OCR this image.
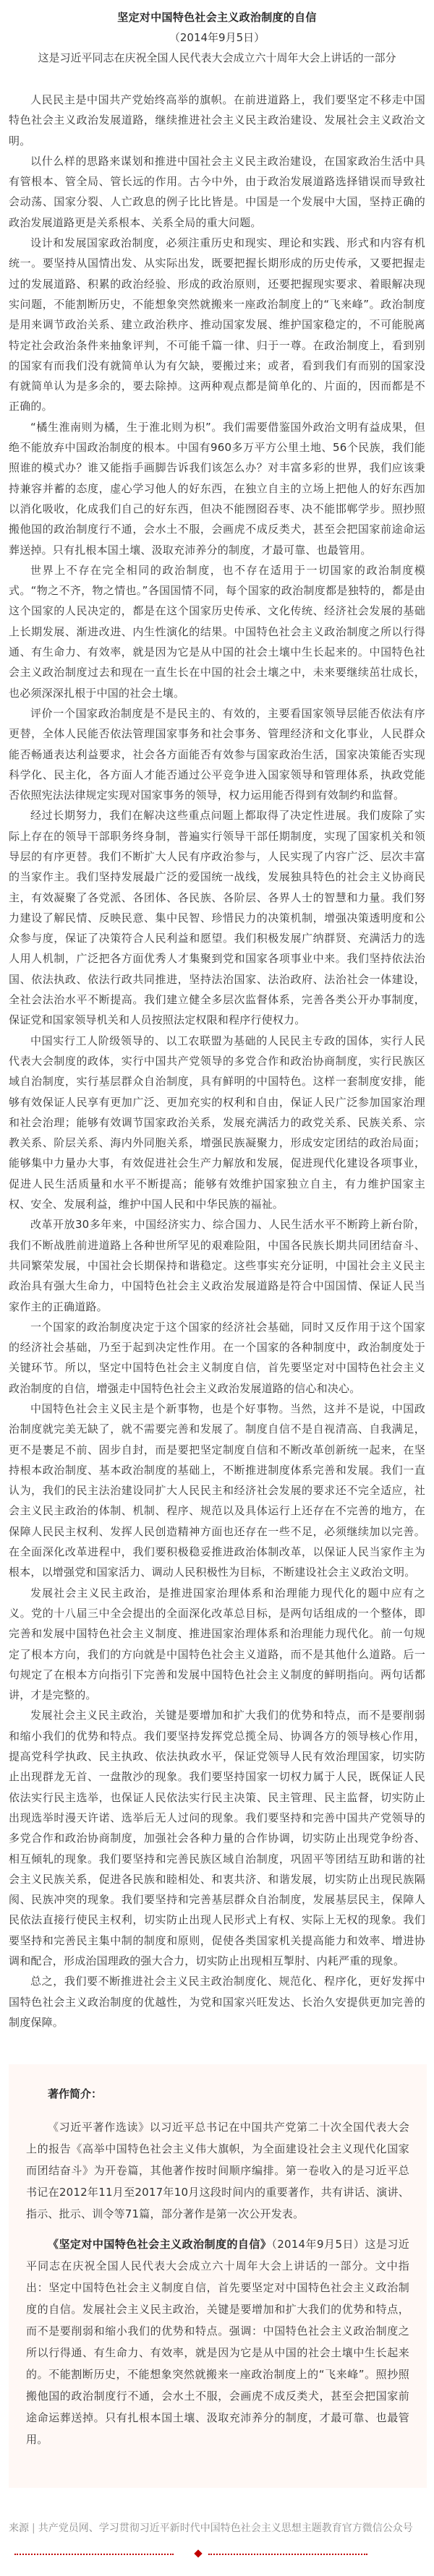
坚定对中国特色社会主义政治制度的自信
（2014年9月5日）
这是习近平同志在庆祝全国人民代表大会成立六十周年大会上讲话的一部分

人民民主是中国共产党始终高举的旗帜。在前进道路上，我们要坚定不移走中国特色社会主义政治发展道路，继续推进社会主义民主政治建设、发展社会主义政治文明。

以什么样的思路来谋划和推进中国社会主义民主政治建设，在国家政治生活中具有管根本、管全局、管长远的作用。古今中外，由于政治发展道路选择错误而导致社会动荡、国家分裂、人亡政息的例子比比皆是。中国是一个发展中大国，坚持正确的政治发展道路更是关系根本、关系全局的重大问题。

设计和发展国家政治制度，必须注重历史和现实、理论和实践、形式和内容有机统一。要坚持从国情出发、从实际出发，既要把握长期形成的历史传承，又要把握走过的发展道路、积累的政治经验、形成的政治原则，还要把握现实要求、着眼解决现实问题，不能割断历史，不能想象突然就搬来一座政治制度上的“飞来峰”。政治制度是用来调节政治关系、建立政治秩序、推动国家发展、维护国家稳定的，不可能脱离特定社会政治条件来抽象评判，不可能千篇一律、归于一尊。在政治制度上，看到别的国家有而我们没有就简单认为有欠缺，要搬过来；或者，看到我们有而别的国家没有就简单认为是多余的，要去除掉。这两种观点都是简单化的、片面的，因而都是不正确的。

“橘生淮南则为橘，生于淮北则为枳”。我们需要借鉴国外政治文明有益成果，但绝不能放弃中国政治制度的根本。中国有960多万平方公里土地、56个民族，我们能照谁的模式办？谁又能指手画脚告诉我们该怎么办？对丰富多彩的世界，我们应该秉持兼容并蓄的态度，虚心学习他人的好东西，在独立自主的立场上把他人的好东西加以消化吸收，化成我们自己的好东西，但决不能囫囵吞枣、决不能邯郸学步。照抄照搬他国的政治制度行不通，会水土不服，会画虎不成反类犬，甚至会把国家前途命运葬送掉。只有扎根本国土壤、汲取充沛养分的制度，才最可靠、也最管用。

世界上不存在完全相同的政治制度，也不存在适用于一切国家的政治制度模式。“物之不齐，物之情也。”各国国情不同，每个国家的政治制度都是独特的，都是由这个国家的人民决定的，都是在这个国家历史传承、文化传统、经济社会发展的基础上长期发展、渐进改进、内生性演化的结果。中国特色社会主义政治制度之所以行得通、有生命力、有效率，就是因为它是从中国的社会土壤中生长起来的。中国特色社会主义政治制度过去和现在一直生长在中国的社会土壤之中，未来要继续茁壮成长，也必须深深扎根于中国的社会土壤。

评价一个国家政治制度是不是民主的、有效的，主要看国家领导层能否依法有序更替，全体人民能否依法管理国家事务和社会事务、管理经济和文化事业，人民群众能否畅通表达利益要求，社会各方面能否有效参与国家政治生活，国家决策能否实现科学化、民主化，各方面人才能否通过公平竞争进入国家领导和管理体系，执政党能否依照宪法法律规定实现对国家事务的领导，权力运用能否得到有效制约和监督。

经过长期努力，我们在解决这些重点问题上都取得了决定性进展。我们废除了实际上存在的领导干部职务终身制，普遍实行领导干部任期制度，实现了国家机关和领导层的有序更替。我们不断扩大人民有序政治参与，人民实现了内容广泛、层次丰富的当家作主。我们坚持发展最广泛的爱国统一战线，发展独具特色的社会主义协商民主，有效凝聚了各党派、各团体、各民族、各阶层、各界人士的智慧和力量。我们努力建设了解民情、反映民意、集中民智、珍惜民力的决策机制，增强决策透明度和公众参与度，保证了决策符合人民利益和愿望。我们积极发展广纳群贤、充满活力的选人用人机制，广泛把各方面优秀人才集聚到党和国家各项事业中来。我们坚持依法治国、依法执政、依法行政共同推进，坚持法治国家、法治政府、法治社会一体建设，全社会法治水平不断提高。我们建立健全多层次监督体系，完善各类公开办事制度，保证党和国家领导机关和人员按照法定权限和程序行使权力。

中国实行工人阶级领导的、以工农联盟为基础的人民民主专政的国体，实行人民代表大会制度的政体，实行中国共产党领导的多党合作和政治协商制度，实行民族区域自治制度，实行基层群众自治制度，具有鲜明的中国特色。这样一套制度安排，能够有效保证人民享有更加广泛、更加充实的权利和自由，保证人民广泛参加国家治理和社会治理；能够有效调节国家政治关系，发展充满活力的政党关系、民族关系、宗教关系、阶层关系、海内外同胞关系，增强民族凝聚力，形成安定团结的政治局面；能够集中力量办大事，有效促进社会生产力解放和发展，促进现代化建设各项事业，促进人民生活质量和水平不断提高；能够有效维护国家独立自主，有力维护国家主权、安全、发展利益，维护中国人民和中华民族的福祉。

改革开放30多年来，中国经济实力、综合国力、人民生活水平不断跨上新台阶，我们不断战胜前进道路上各种世所罕见的艰难险阻，中国各民族长期共同团结奋斗、共同繁荣发展，中国社会长期保持和谐稳定。这些事实充分证明，中国社会主义民主政治具有强大生命力，中国特色社会主义政治发展道路是符合中国国情、保证人民当家作主的正确道路。

一个国家的政治制度决定于这个国家的经济社会基础，同时又反作用于这个国家的经济社会基础，乃至于起到决定性作用。在一个国家的各种制度中，政治制度处于关键环节。所以，坚定中国特色社会主义制度自信，首先要坚定对中国特色社会主义政治制度的自信，增强走中国特色社会主义政治发展道路的信心和决心。

中国特色社会主义民主是个新事物，也是个好事物。当然，这并不是说，中国政治制度就完美无缺了，就不需要完善和发展了。制度自信不是自视清高、自我满足，更不是裹足不前、固步自封，而是要把坚定制度自信和不断改革创新统一起来，在坚持根本政治制度、基本政治制度的基础上，不断推进制度体系完善和发展。我们一直认为，我们的民主法治建设同扩大人民民主和经济社会发展的要求还不完全适应，社会主义民主政治的体制、机制、程序、规范以及具体运行上还存在不完善的地方，在保障人民民主权利、发挥人民创造精神方面也还存在一些不足，必须继续加以完善。在全面深化改革进程中，我们要积极稳妥推进政治体制改革，以保证人民当家作主为根本，以增强党和国家活力、调动人民积极性为目标，不断建设社会主义政治文明。

发展社会主义民主政治，是推进国家治理体系和治理能力现代化的题中应有之义。党的十八届三中全会提出的全面深化改革总目标，是两句话组成的一个整体，即完善和发展中国特色社会主义制度、推进国家治理体系和治理能力现代化。前一句规定了根本方向，我们的方向就是中国特色社会主义道路，而不是其他什么道路。后一句规定了在根本方向指引下完善和发展中国特色社会主义制度的鲜明指向。两句话都讲，才是完整的。

发展社会主义民主政治，关键是要增加和扩大我们的优势和特点，而不是要削弱和缩小我们的优势和特点。我们要坚持发挥党总揽全局、协调各方的领导核心作用，提高党科学执政、民主执政、依法执政水平，保证党领导人民有效治理国家，切实防止出现群龙无首、一盘散沙的现象。我们要坚持国家一切权力属于人民，既保证人民依法实行民主选举，也保证人民依法实行民主决策、民主管理、民主监督，切实防止出现选举时漫天许诺、选举后无人过问的现象。我们要坚持和完善中国共产党领导的多党合作和政治协商制度，加强社会各种力量的合作协调，切实防止出现党争纷沓、相互倾轧的现象。我们要坚持和完善民族区域自治制度，巩固平等团结互助和谐的社会主义民族关系，促进各民族和睦相处、和衷共济、和谐发展，切实防止出现民族隔阂、民族冲突的现象。我们要坚持和完善基层群众自治制度，发展基层民主，保障人民依法直接行使民主权利，切实防止出现人民形式上有权、实际上无权的现象。我们要坚持和完善民主集中制的制度和原则，促使各类国家机关提高能力和效率、增进协调和配合，形成治国理政的强大合力，切实防止出现相互掣肘、内耗严重的现象。

总之，我们要不断推进社会主义民主政治制度化、规范化、程序化，更好发挥中国特色社会主义政治制度的优越性，为党和国家兴旺发达、长治久安提供更加完善的制度保障。

著作简介：

《习近平著作选读》以习近平总书记在中国共产党第二十次全国代表大会上的报告《高举中国特色社会主义伟大旗帜，为全面建设社会主义现代化国家而团结奋斗》为开卷篇，其他著作按时间顺序编排。第一卷收入的是习近平总书记在2012年11月至2017年10月这段时间内的重要著作，共有讲话、演讲、指示、批示、训令等71篇，部分著作是第一次公开发表。

《坚定对中国特色社会主义政治制度的自信》（2014年9月5日）这是习近平同志在庆祝全国人民代表大会成立六十周年大会上讲话的一部分。文中指出：坚定中国特色社会主义制度自信，首先要坚定对中国特色社会主义政治制度的自信。发展社会主义民主政治，关键是要增加和扩大我们的优势和特点，而不是要削弱和缩小我们的优势和特点。强调：中国特色社会主义政治制度之所以行得通、有生命力、有效率，就是因为它是从中国的社会土壤中生长起来的。不能割断历史，不能想象突然就搬来一座政治制度上的“飞来峰”。照抄照搬他国的政治制度行不通，会水土不服，会画虎不成反类犬，甚至会把国家前途命运葬送掉。只有扎根本国土壤、汲取充沛养分的制度，才最可靠、也最管用。

来源 | 共产党员网、学习贯彻习近平新时代中国特色社会主义思想主题教育官方微信公众号
